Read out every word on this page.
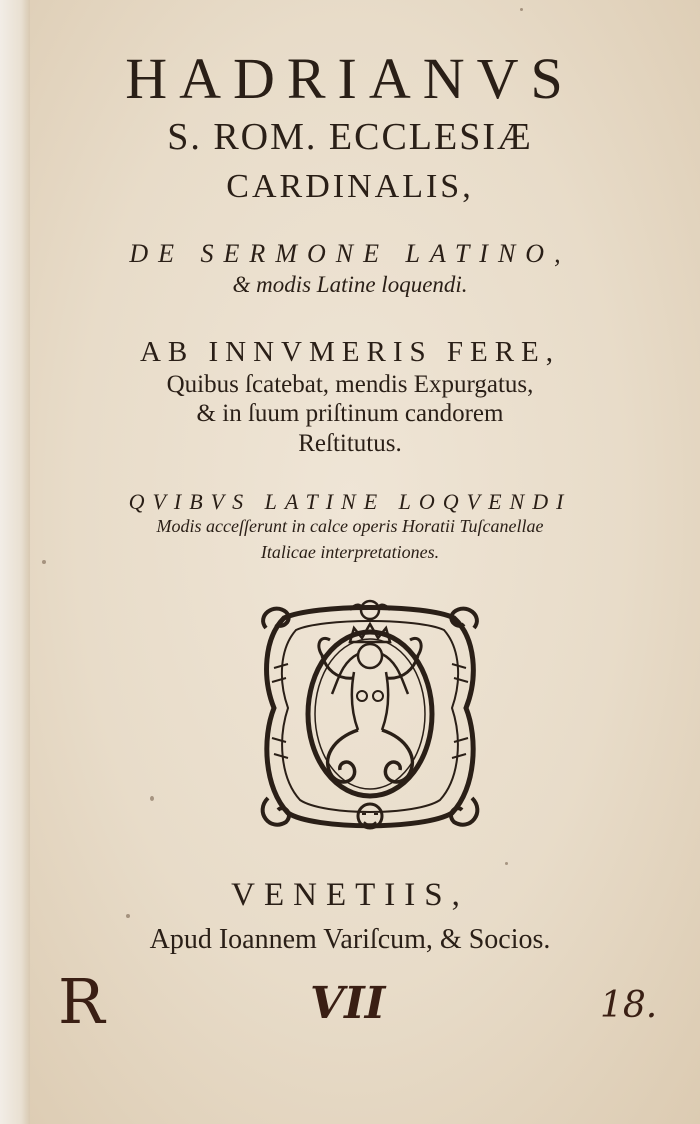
HADRIANVS
S. ROM. ECCLESIÆ
CARDINALIS,
DE SERMONE LATINO,
& modis Latine loquendi.
AB INNVMERIS FERE,
Quibus ſcatebat, mendis Expurgatus,
& in ſuum priſtinum candorem
Reſtitutus.
QVIBVS LATINE LOQVENDI
Modis acceſſerunt in calce operis Horatii Tuſcanellae
Italicae interpretationes.
VENETIIS,
Apud Ioannem Variſcum, & Socios.
R	VII	18.
